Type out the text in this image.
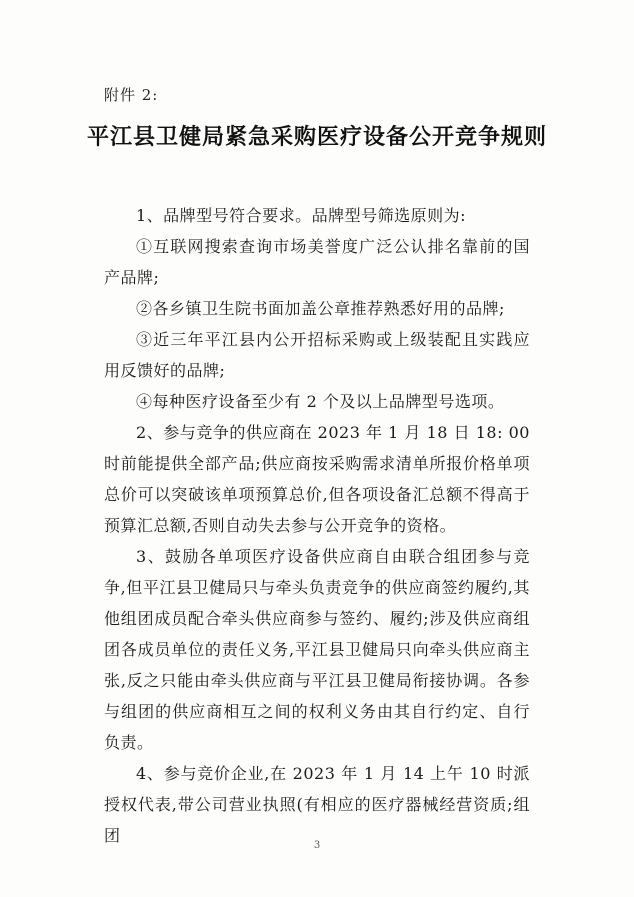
附件 2:
平江县卫健局紧急采购医疗设备公开竞争规则

1、品牌型号符合要求。品牌型号筛选原则为:

①互联网搜索查询市场美誉度广泛公认排名靠前的国产品牌;

②各乡镇卫生院书面加盖公章推荐熟悉好用的品牌;

③近三年平江县内公开招标采购或上级装配且实践应用反馈好的品牌;

④每种医疗设备至少有 2 个及以上品牌型号选项。

2、参与竞争的供应商在 2023 年 1 月 18 日 18: 00 时前能提供全部产品;供应商按采购需求清单所报价格单项总价可以突破该单项预算总价,但各项设备汇总额不得高于预算汇总额,否则自动失去参与公开竞争的资格。

3、鼓励各单项医疗设备供应商自由联合组团参与竞争,但平江县卫健局只与牵头负责竞争的供应商签约履约,其他组团成员配合牵头供应商参与签约、履约;涉及供应商组团各成员单位的责任义务,平江县卫健局只向牵头供应商主张,反之只能由牵头供应商与平江县卫健局衔接协调。各参与组团的供应商相互之间的权利义务由其自行约定、自行负责。

4、参与竞价企业,在 2023 年 1 月 14 上午 10 时派授权代表,带公司营业执照(有相应的医疗器械经营资质;组团

3
